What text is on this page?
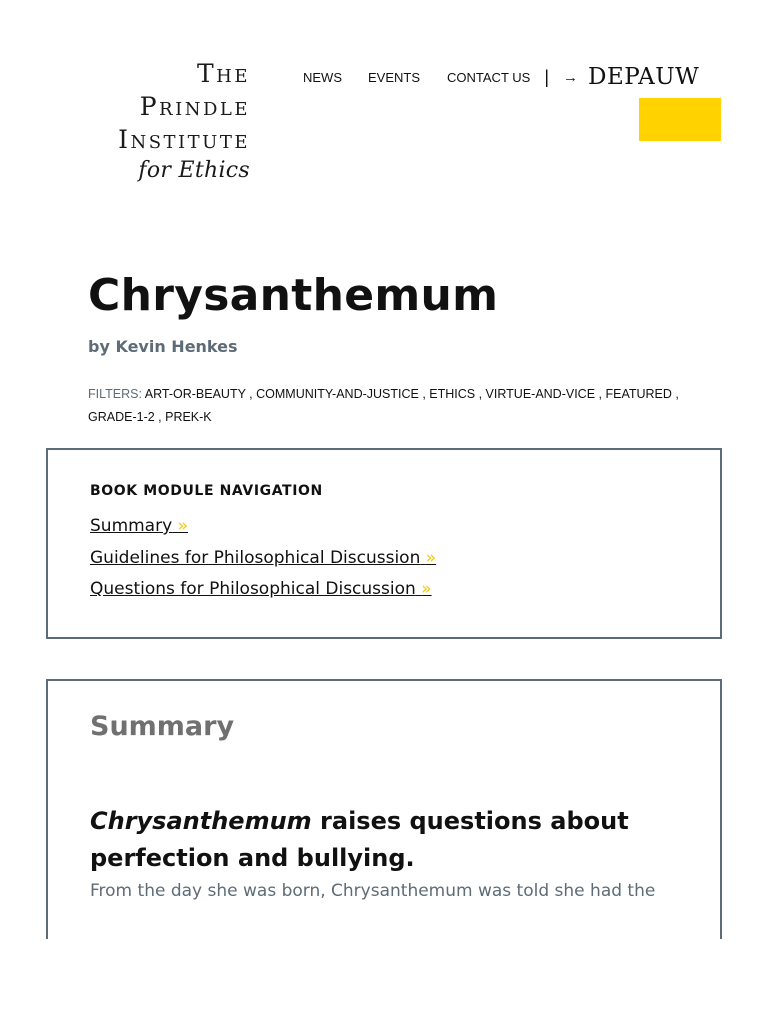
The
Prindle
Institute
for Ethics
NEWS EVENTS CONTACT US | → DEPAUW
Chrysanthemum
by Kevin Henkes
FILTERS: ART-OR-BEAUTY , COMMUNITY-AND-JUSTICE , ETHICS , VIRTUE-AND-VICE , FEATURED ,
GRADE-1-2 , PREK-K
BOOK MODULE NAVIGATION
Summary »
Guidelines for Philosophical Discussion »
Questions for Philosophical Discussion »
Summary
Chrysanthemum raises questions about perfection and bullying.

From the day she was born, Chrysanthemum was told she had the
